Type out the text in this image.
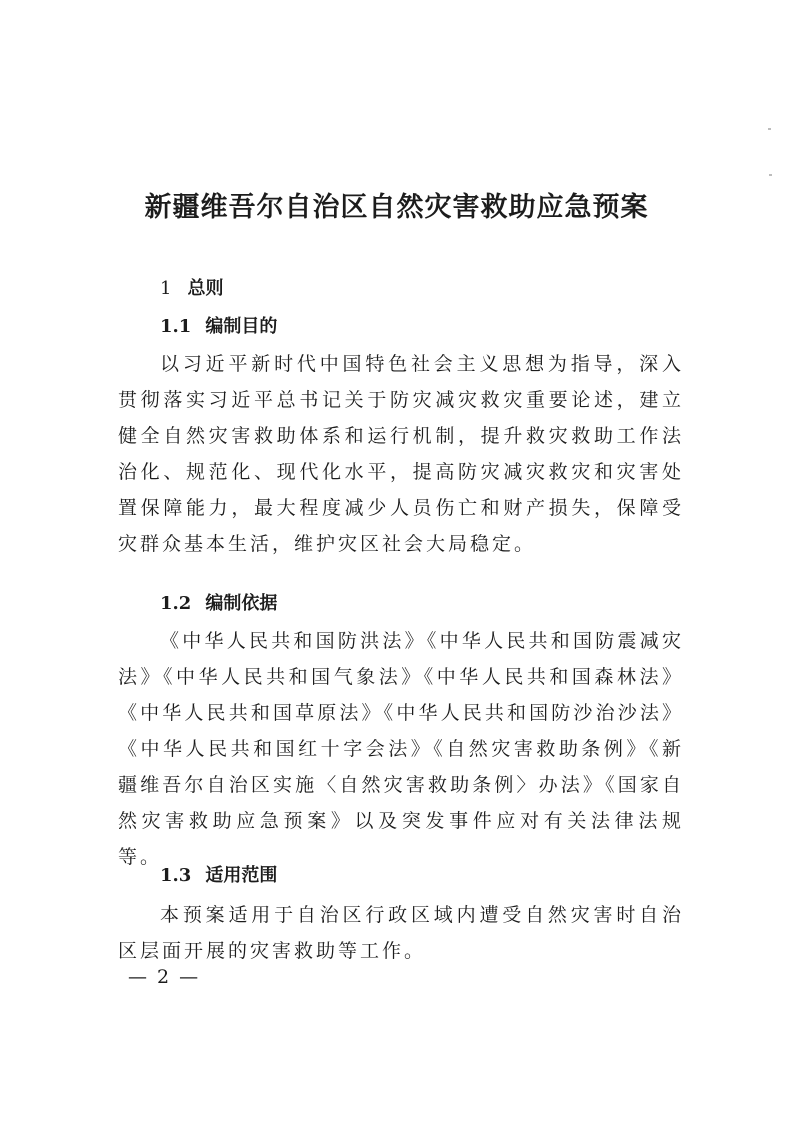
新疆维吾尔自治区自然灾害救助应急预案
1 总则
1.1 编制目的

以习近平新时代中国特色社会主义思想为指导，深入贯彻落实习近平总书记关于防灾减灾救灾重要论述，建立健全自然灾害救助体系和运行机制，提升救灾救助工作法治化、规范化、现代化水平，提高防灾减灾救灾和灾害处置保障能力，最大程度减少人员伤亡和财产损失，保障受灾群众基本生活，维护灾区社会大局稳定。

1.2 编制依据

《中华人民共和国防洪法》《中华人民共和国防震减灾法》《中华人民共和国气象法》《中华人民共和国森林法》《中华人民共和国草原法》《中华人民共和国防沙治沙法》《中华人民共和国红十字会法》《自然灾害救助条例》《新疆维吾尔自治区实施〈自然灾害救助条例〉办法》《国家自然灾害救助应急预案》以及突发事件应对有关法律法规等。

1.3 适用范围

本预案适用于自治区行政区域内遭受自然灾害时自治区层面开展的灾害救助等工作。

— 2 —
